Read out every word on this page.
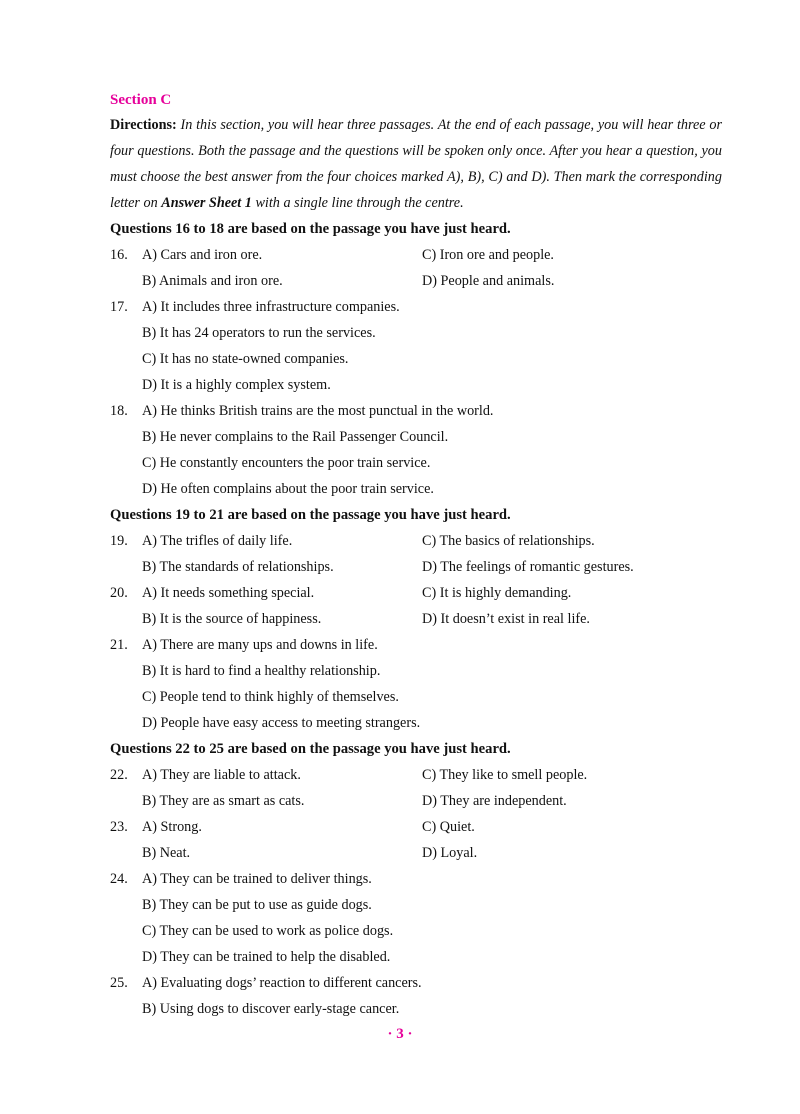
Section C

Directions: In this section, you will hear three passages. At the end of each passage, you will hear three or four questions. Both the passage and the questions will be spoken only once. After you hear a question, you must choose the best answer from the four choices marked A), B), C) and D). Then mark the corresponding letter on Answer Sheet 1 with a single line through the centre.

Questions 16 to 18 are based on the passage you have just heard.

16.	A) Cars and iron ore.	C) Iron ore and people.
B) Animals and iron ore.	D) People and animals.
17.	A) It includes three infrastructure companies.
B) It has 24 operators to run the services.
C) It has no state-owned companies.
D) It is a highly complex system.
18.	A) He thinks British trains are the most punctual in the world.
B) He never complains to the Rail Passenger Council.
C) He constantly encounters the poor train service.
D) He often complains about the poor train service.

Questions 19 to 21 are based on the passage you have just heard.

19.	A) The trifles of daily life.	C) The basics of relationships.
B) The standards of relationships.	D) The feelings of romantic gestures.
20.	A) It needs something special.	C) It is highly demanding.
B) It is the source of happiness.	D) It doesn’t exist in real life.
21.	A) There are many ups and downs in life.
B) It is hard to find a healthy relationship.
C) People tend to think highly of themselves.
D) People have easy access to meeting strangers.

Questions 22 to 25 are based on the passage you have just heard.

22.	A) They are liable to attack.	C) They like to smell people.
B) They are as smart as cats.	D) They are independent.
23.	A) Strong.	C) Quiet.
B) Neat.	D) Loyal.
24.	A) They can be trained to deliver things.
B) They can be put to use as guide dogs.
C) They can be used to work as police dogs.
D) They can be trained to help the disabled.
25.	A) Evaluating dogs’ reaction to different cancers.
B) Using dogs to discover early-stage cancer.
· 3 ·
